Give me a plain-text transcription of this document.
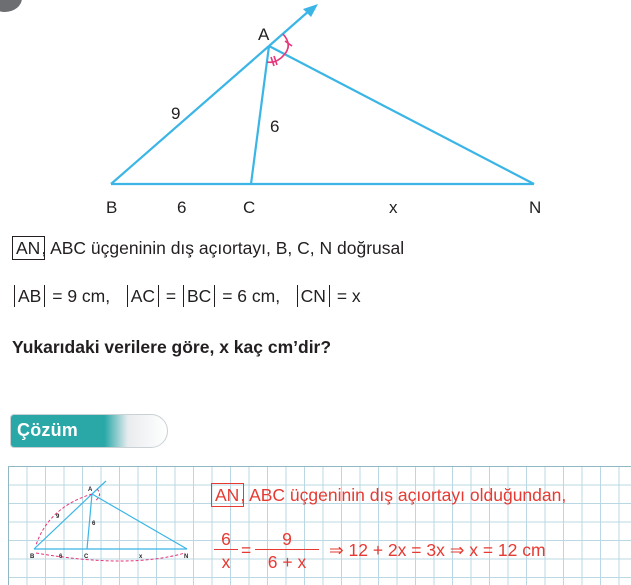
A
B	C	N
9
6
6	x
AN, ABC üçgeninin dış açıortayı, B, C, N doğrusal
AB = 9 cm, AC = BC = 6 cm, CN = x
Yukarıdaki verilere göre, x kaç cm’dir?
Çözüm
A
B	C	N
9
6
6	x
AN, ABC üçgeninin dış açıortayı olduğundan,
$\frac{6}{x} = \frac{9}{6 + x}$ ⇒ 12 + 2x = 3x ⇒ x = 12 cm
